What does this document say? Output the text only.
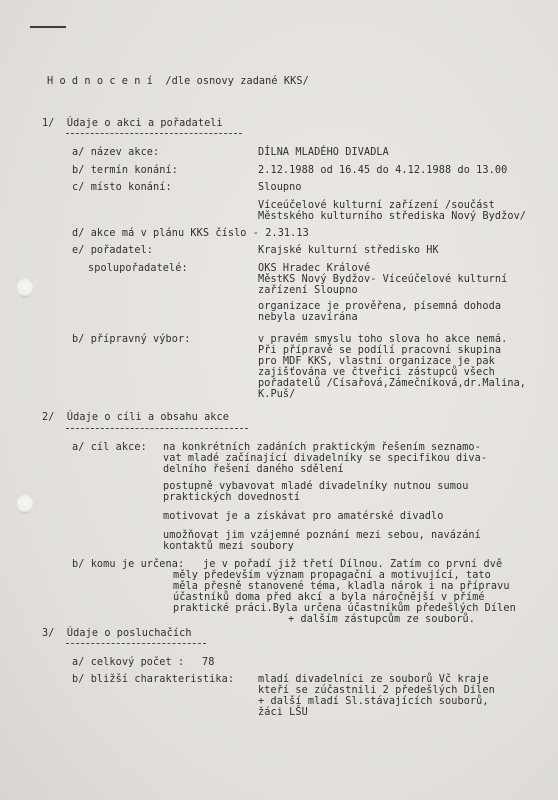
H o d n o c e n í  /dle osnovy zadané KKS/
1/  Údaje o akci a pořadateli
a/ název akce:	DÍLNA MLADÉHO DIVADLA
b/ termín konání:	2.12.1988 od 16.45 do 4.12.1988 do 13.00
c/ místo konání:	Sloupno
Víceúčelové kulturní zařízení /součást
Městského kulturního střediska Nový Bydžov/
d/ akce má v plánu KKS číslo - 2.31.13
e/ pořadatel:	Krajské kulturní středisko HK
spolupořadatelé:	OKS Hradec Králové
MěstKS Nový Bydžov- Víceúčelové kulturní
zařízení Sloupno
organizace je prověřena, písemná dohoda
nebyla uzavírána
b/ přípravný výbor:	v pravém smyslu toho slova ho akce nemá.
Při přípravě se podílí pracovní skupina
pro MDF KKS, vlastní organizace je pak
zajišťována ve čtveřici zástupců všech
pořadatelů /Císařová,Zámečníková,dr.Malina,
K.Puš/
2/  Údaje o cíli a obsahu akce
a/ cíl akce: na konkrétních zadáních praktickým řešením seznamo-
vat mladé začínající divadelníky se specifikou diva-
delního řešení daného sdělení
postupně vybavovat mladé divadelníky nutnou sumou
praktických dovedností
motivovat je a získávat pro amatérské divadlo
umožňovat jim vzájemné poznání mezi sebou, navázání
kontaktů mezi soubory
b/ komu je určena: je v pořadí již třetí Dílnou. Zatím co první dvě
měly především význam propagační a motivující, tato
měla přesně stanovené téma, kladla nárok i na přípravu
účastníků doma před akcí a byla náročnější v přímé
praktické práci.Byla určena účastníkům předešlých Dílen
+ dalším zástupcům ze souborů.
3/  Údaje o posluchačích
a/ celkový počet : 78
b/ bližší charakteristika: mladí divadelníci ze souborů Vč kraje
kteří se zúčastnili 2 předešlých Dílen
+ další mladí Sl.stávajících souborů,
žáci LŠU
